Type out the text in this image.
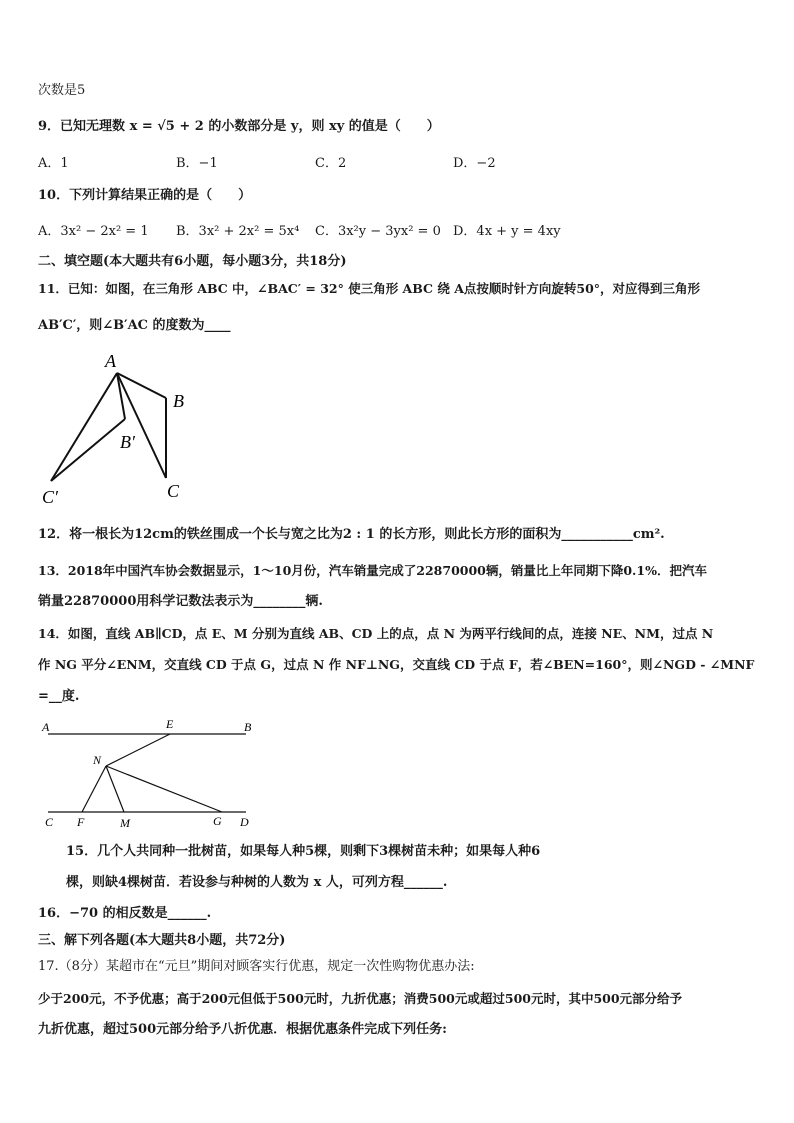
次数是5
9．已知无理数 x = √5 + 2 的小数部分是 y，则 xy 的值是（　　）
A．1	B．−1	C．2	D．−2
10．下列计算结果正确的是（　　）
A．3x² − 2x² = 1 B．3x² + 2x² = 5x⁴ C．3x²y − 3yx² = 0 D．4x + y = 4xy
二、填空题(本大题共有6小题，每小题3分，共18分)
11．已知：如图，在三角形 ABC 中，∠BAC′ = 32° 使三角形 ABC 绕 A点按顺时针方向旋转50°，对应得到三角形
AB′C′，则∠B′AC 的度数为____
A
B
B′
C
C′
12．将一根长为12cm的铁丝围成一个长与宽之比为2 : 1 的长方形，则此长方形的面积为___________cm².
13．2018年中国汽车协会数据显示，1～10月份，汽车销量完成了22870000辆，销量比上年同期下降0.1%．把汽车
销量22870000用科学记数法表示为________辆.
14．如图，直线 AB∥CD，点 E、M 分别为直线 AB、CD 上的点，点 N 为两平行线间的点，连接 NE、NM，过点 N
作 NG 平分∠ENM，交直线 CD 于点 G，过点 N 作 NF⊥NG，交直线 CD 于点 F，若∠BEN=160°，则∠NGD - ∠MNF
=__度.
A	E	B
N
C F	M	G D
15．几个人共同种一批树苗，如果每人种5棵，则剩下3棵树苗未种；如果每人种6
棵，则缺4棵树苗．若设参与种树的人数为 x 人，可列方程______.
16．−70 的相反数是______.
三、解下列各题(本大题共8小题，共72分)
17.（8分）某超市在“元旦”期间对顾客实行优惠，规定一次性购物优惠办法:
少于200元，不予优惠；高于200元但低于500元时，九折优惠；消费500元或超过500元时，其中500元部分给予
九折优惠，超过500元部分给予八折优惠．根据优惠条件完成下列任务:
